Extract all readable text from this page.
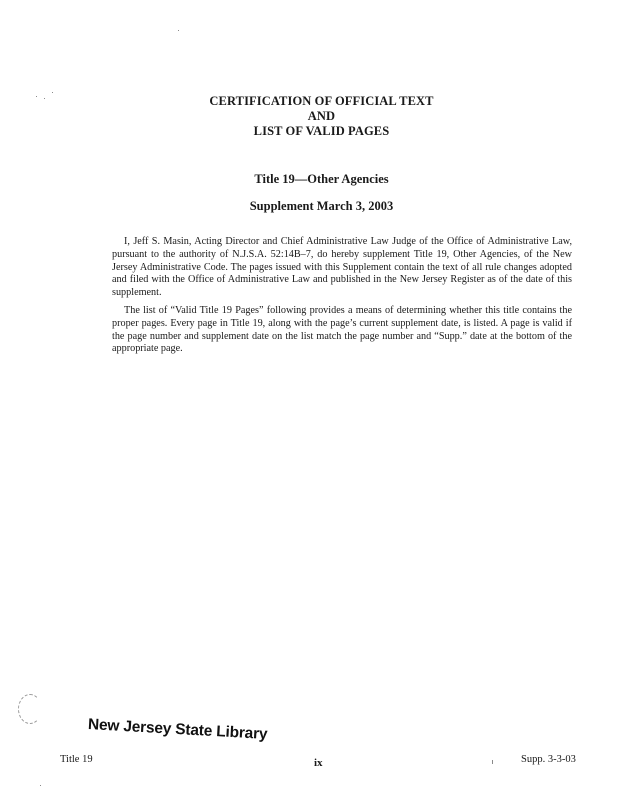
CERTIFICATION OF OFFICIAL TEXT
AND
LIST OF VALID PAGES
Title 19—Other Agencies
Supplement March 3, 2003

I, Jeff S. Masin, Acting Director and Chief Administrative Law Judge of the Office of Administrative Law, pursuant to the authority of N.J.S.A. 52:14B–7, do hereby supplement Title 19, Other Agencies, of the New Jersey Administrative Code. The pages issued with this Supplement contain the text of all rule changes adopted and filed with the Office of Administrative Law and published in the New Jersey Register as of the date of this supplement.

The list of “Valid Title 19 Pages” following provides a means of determining whether this title contains the proper pages. Every page in Title 19, along with the page’s current supplement date, is listed. A page is valid if the page number and supplement date on the list match the page number and “Supp.” date at the bottom of the appropriate page.

New Jersey State Library
Title 19	ix	Supp. 3-3-03
